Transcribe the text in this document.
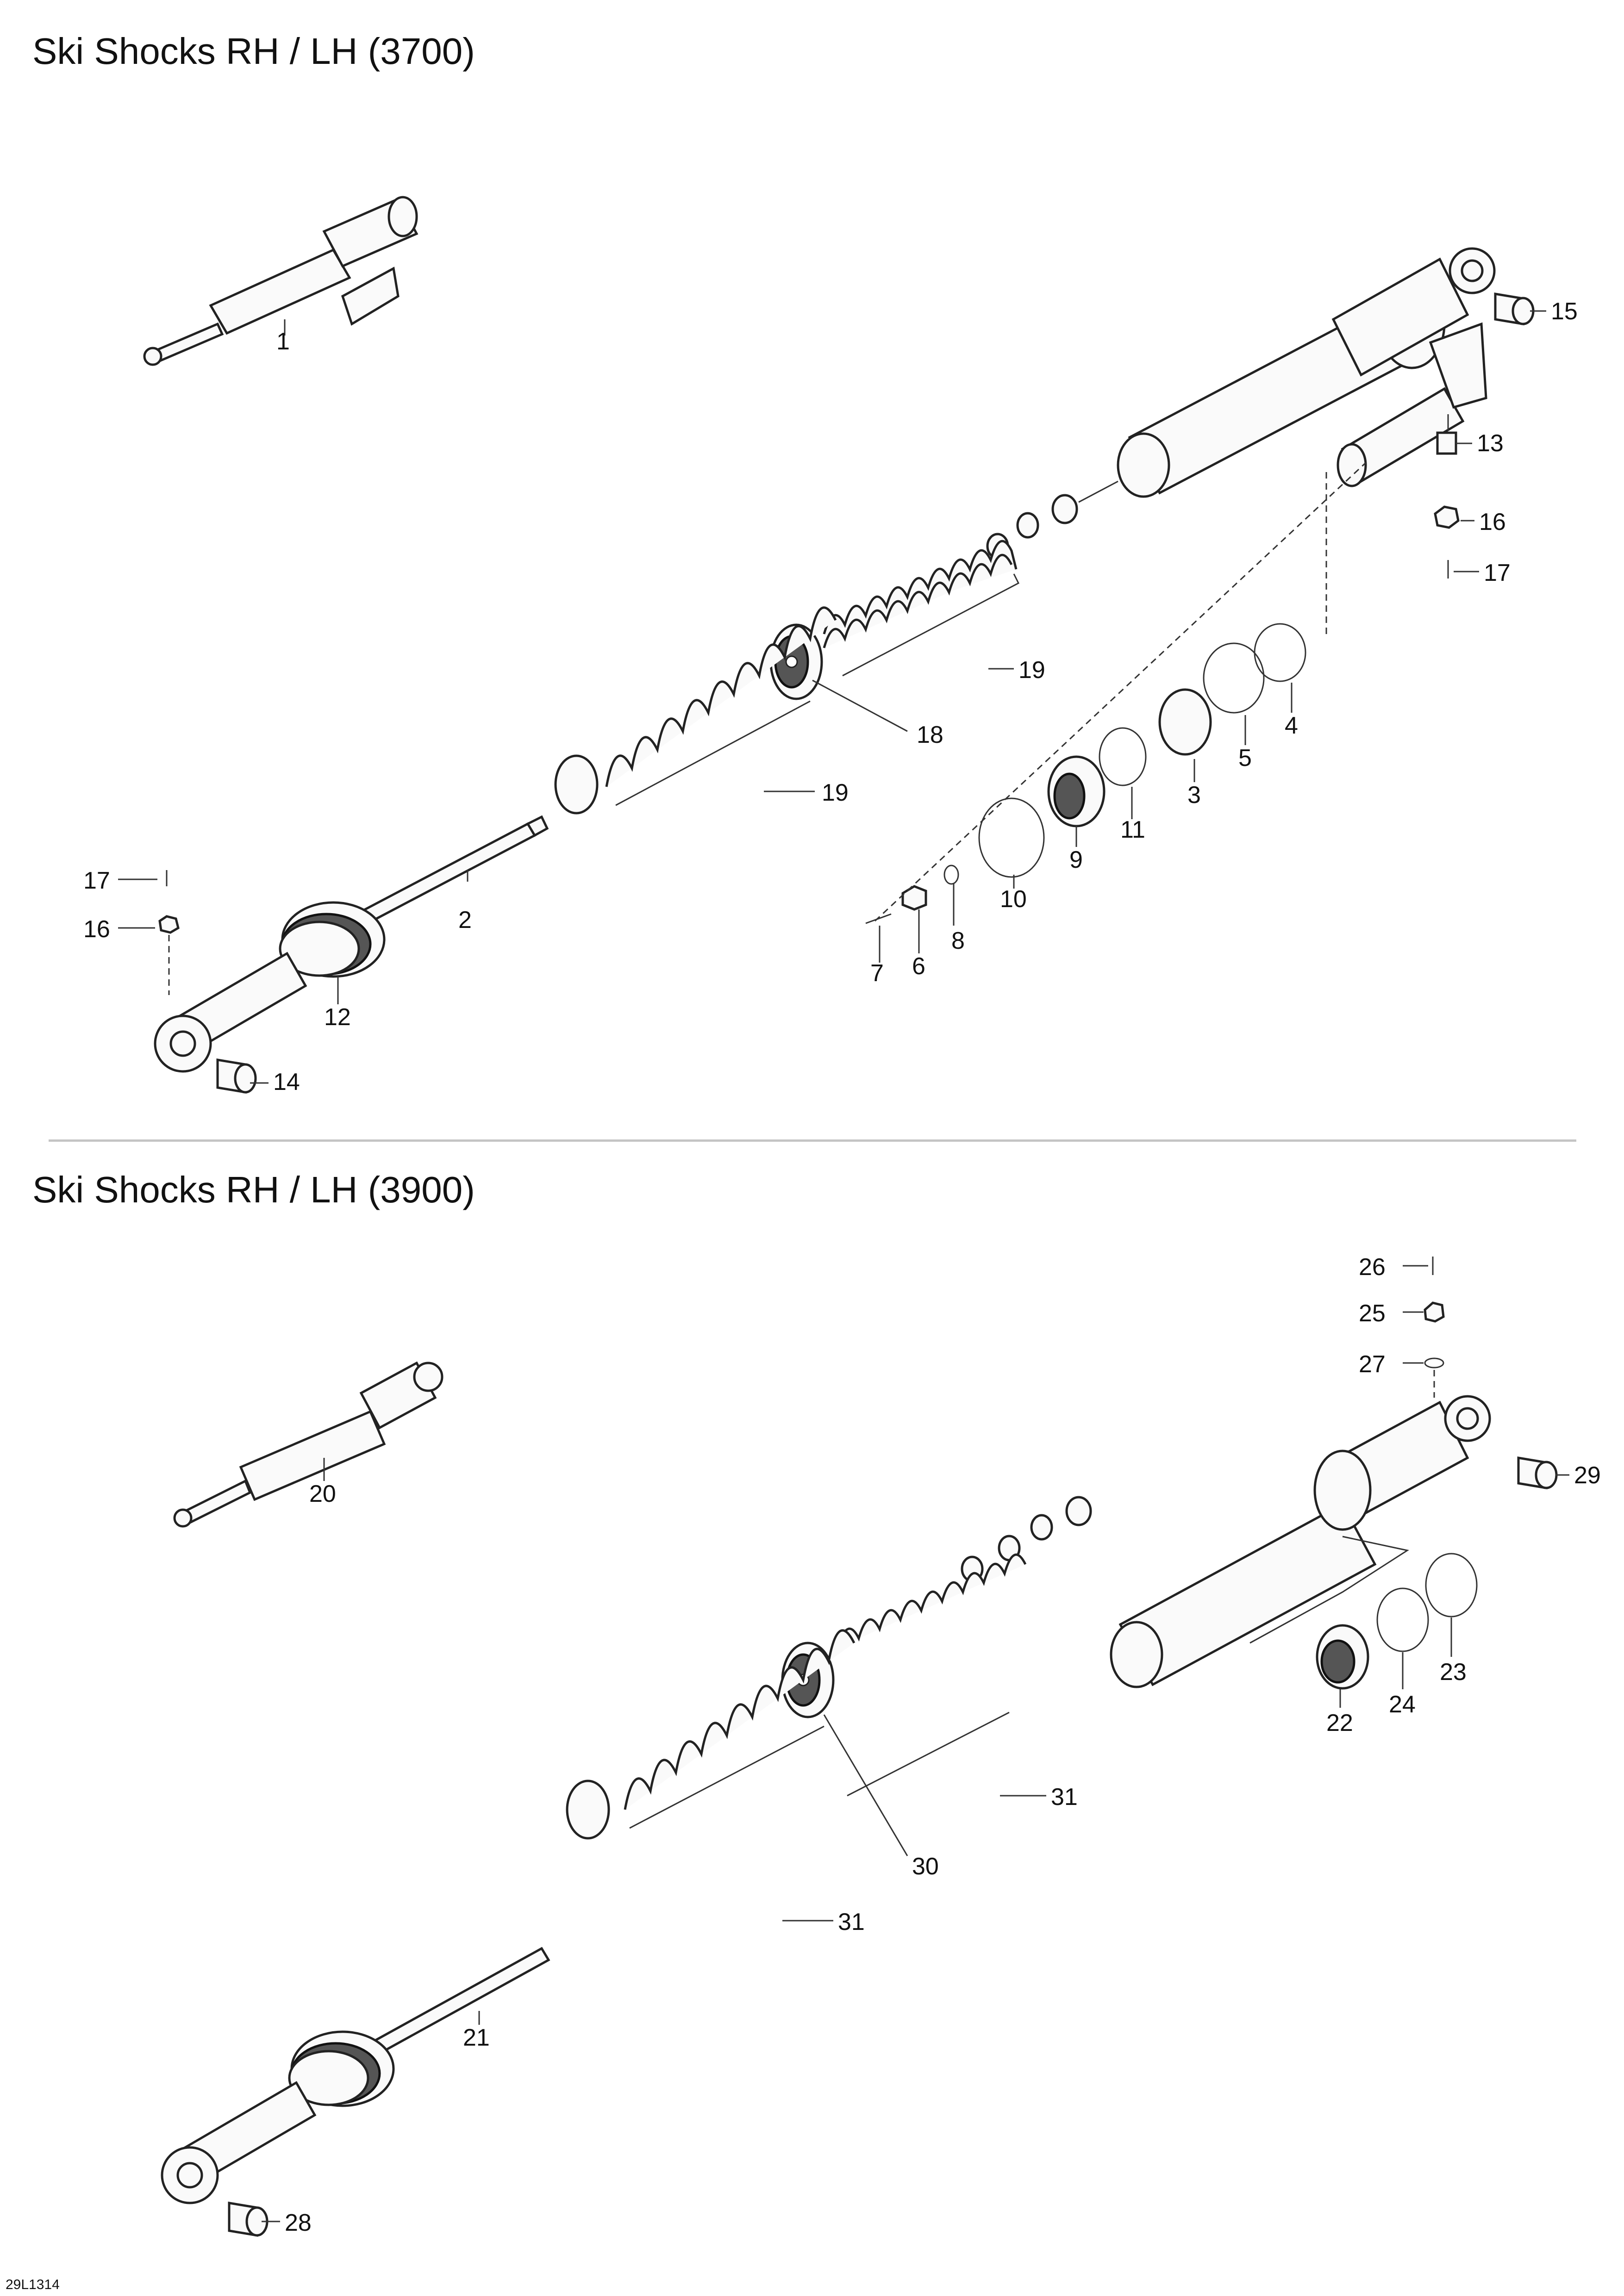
Ski Shocks RH / LH (3700)
Ski Shocks RH / LH (3900)
29L1314
1
2
3
4
5
6
7
8
9
10
11
12
13
14
15
16
17
18
19
19
16
17
20
21
22
23
24
25
26
27
28
29
30
31
31
